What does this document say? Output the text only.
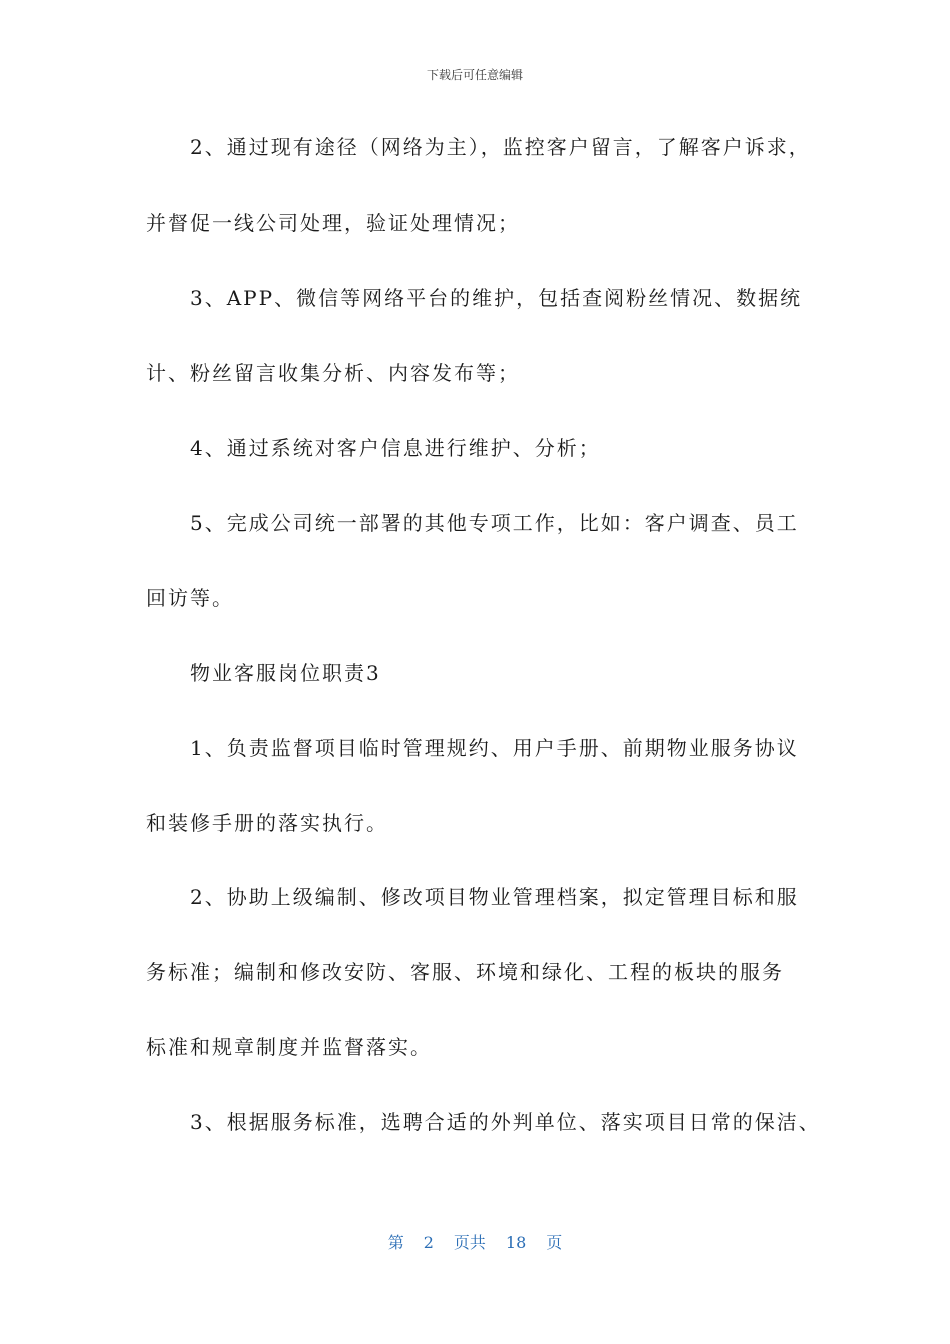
下载后可任意编辑
2、通过现有途径（网络为主），监控客户留言，了解客户诉求，
并督促一线公司处理，验证处理情况；
3、APP、微信等网络平台的维护，包括查阅粉丝情况、数据统
计、粉丝留言收集分析、内容发布等；
4、通过系统对客户信息进行维护、分析；
5、完成公司统一部署的其他专项工作，比如：客户调查、员工
回访等。
物业客服岗位职责3
1、负责监督项目临时管理规约、用户手册、前期物业服务协议
和装修手册的落实执行。
2、协助上级编制、修改项目物业管理档案，拟定管理目标和服
务标准；编制和修改安防、客服、环境和绿化、工程的板块的服务
标准和规章制度并监督落实。
3、根据服务标准，选聘合适的外判单位、落实项目日常的保洁、
第 2 页共 18 页
